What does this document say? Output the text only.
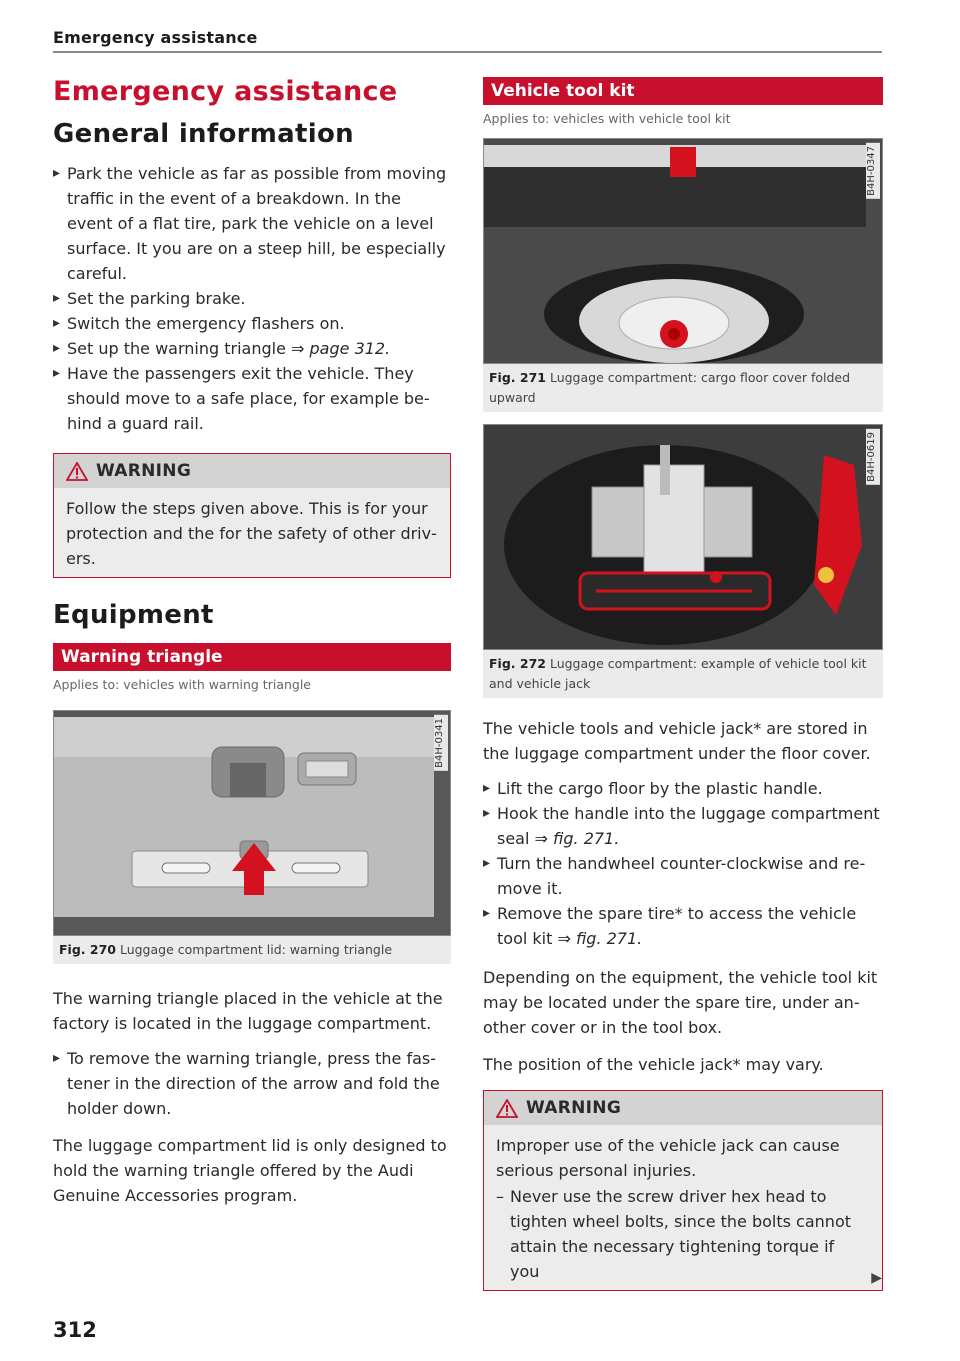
Emergency assistance
Emergency assistance
General information
▸ Park the vehicle as far as possible from moving traffic in the event of a breakdown. In the event of a flat tire, park the vehicle on a level surface. It you are on a steep hill, be especially careful.
▸ Set the parking brake.
▸ Switch the emergency flashers on.
▸ Set up the warning triangle ⇒ page 312.
▸ Have the passengers exit the vehicle. They should move to a safe place, for example behind a guard rail.
WARNING
Follow the steps given above. This is for your protection and the for the safety of other drivers.
Equipment
Warning triangle
Applies to: vehicles with warning triangle
B4H-0341
Fig. 270 Luggage compartment lid: warning triangle

The warning triangle placed in the vehicle at the factory is located in the luggage compartment.

▸ To remove the warning triangle, press the fastener in the direction of the arrow and fold the holder down.

The luggage compartment lid is only designed to hold the warning triangle offered by the Audi Genuine Accessories program.

Vehicle tool kit
Applies to: vehicles with vehicle tool kit
B4H-0347
Fig. 271 Luggage compartment: cargo floor cover folded upward
B4H-0619
Fig. 272 Luggage compartment: example of vehicle tool kit and vehicle jack

The vehicle tools and vehicle jack* are stored in the luggage compartment under the floor cover.

▸ Lift the cargo floor by the plastic handle.
▸ Hook the handle into the luggage compartment seal ⇒ fig. 271.
▸ Turn the handwheel counter-clockwise and remove it.
▸ Remove the spare tire* to access the vehicle tool kit ⇒ fig. 271.

Depending on the equipment, the vehicle tool kit may be located under the spare tire, under another cover or in the tool box.

The position of the vehicle jack* may vary.

WARNING
Improper use of the vehicle jack can cause serious personal injuries.
– Never use the screw driver hex head to tighten wheel bolts, since the bolts cannot attain the necessary tightening torque if you	▶
312
